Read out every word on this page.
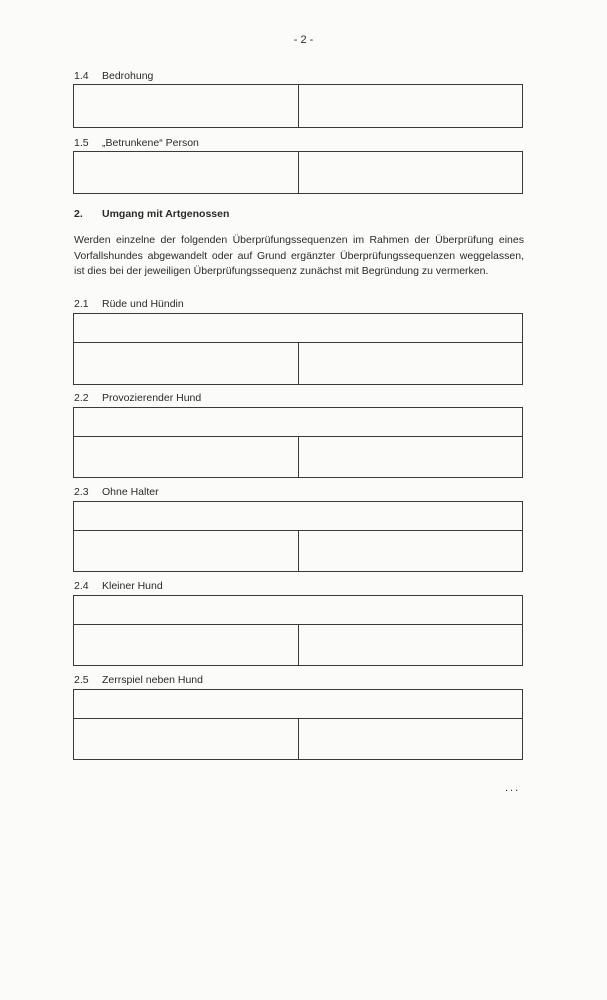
- 2 -
1.4 Bedrohung
1.5 „Betrunkene“ Person
2. Umgang mit Artgenossen
Werden einzelne der folgenden Überprüfungssequenzen im Rahmen der Überprüfung eines Vorfallshundes abgewandelt oder auf Grund ergänzter Überprüfungssequenzen weggelassen, ist dies bei der jeweiligen Überprüfungssequenz zunächst mit Begründung zu vermerken.
2.1 Rüde und Hündin
2.2 Provozierender Hund
2.3 Ohne Halter
2.4 Kleiner Hund
2.5 Zerrspiel neben Hund
...
